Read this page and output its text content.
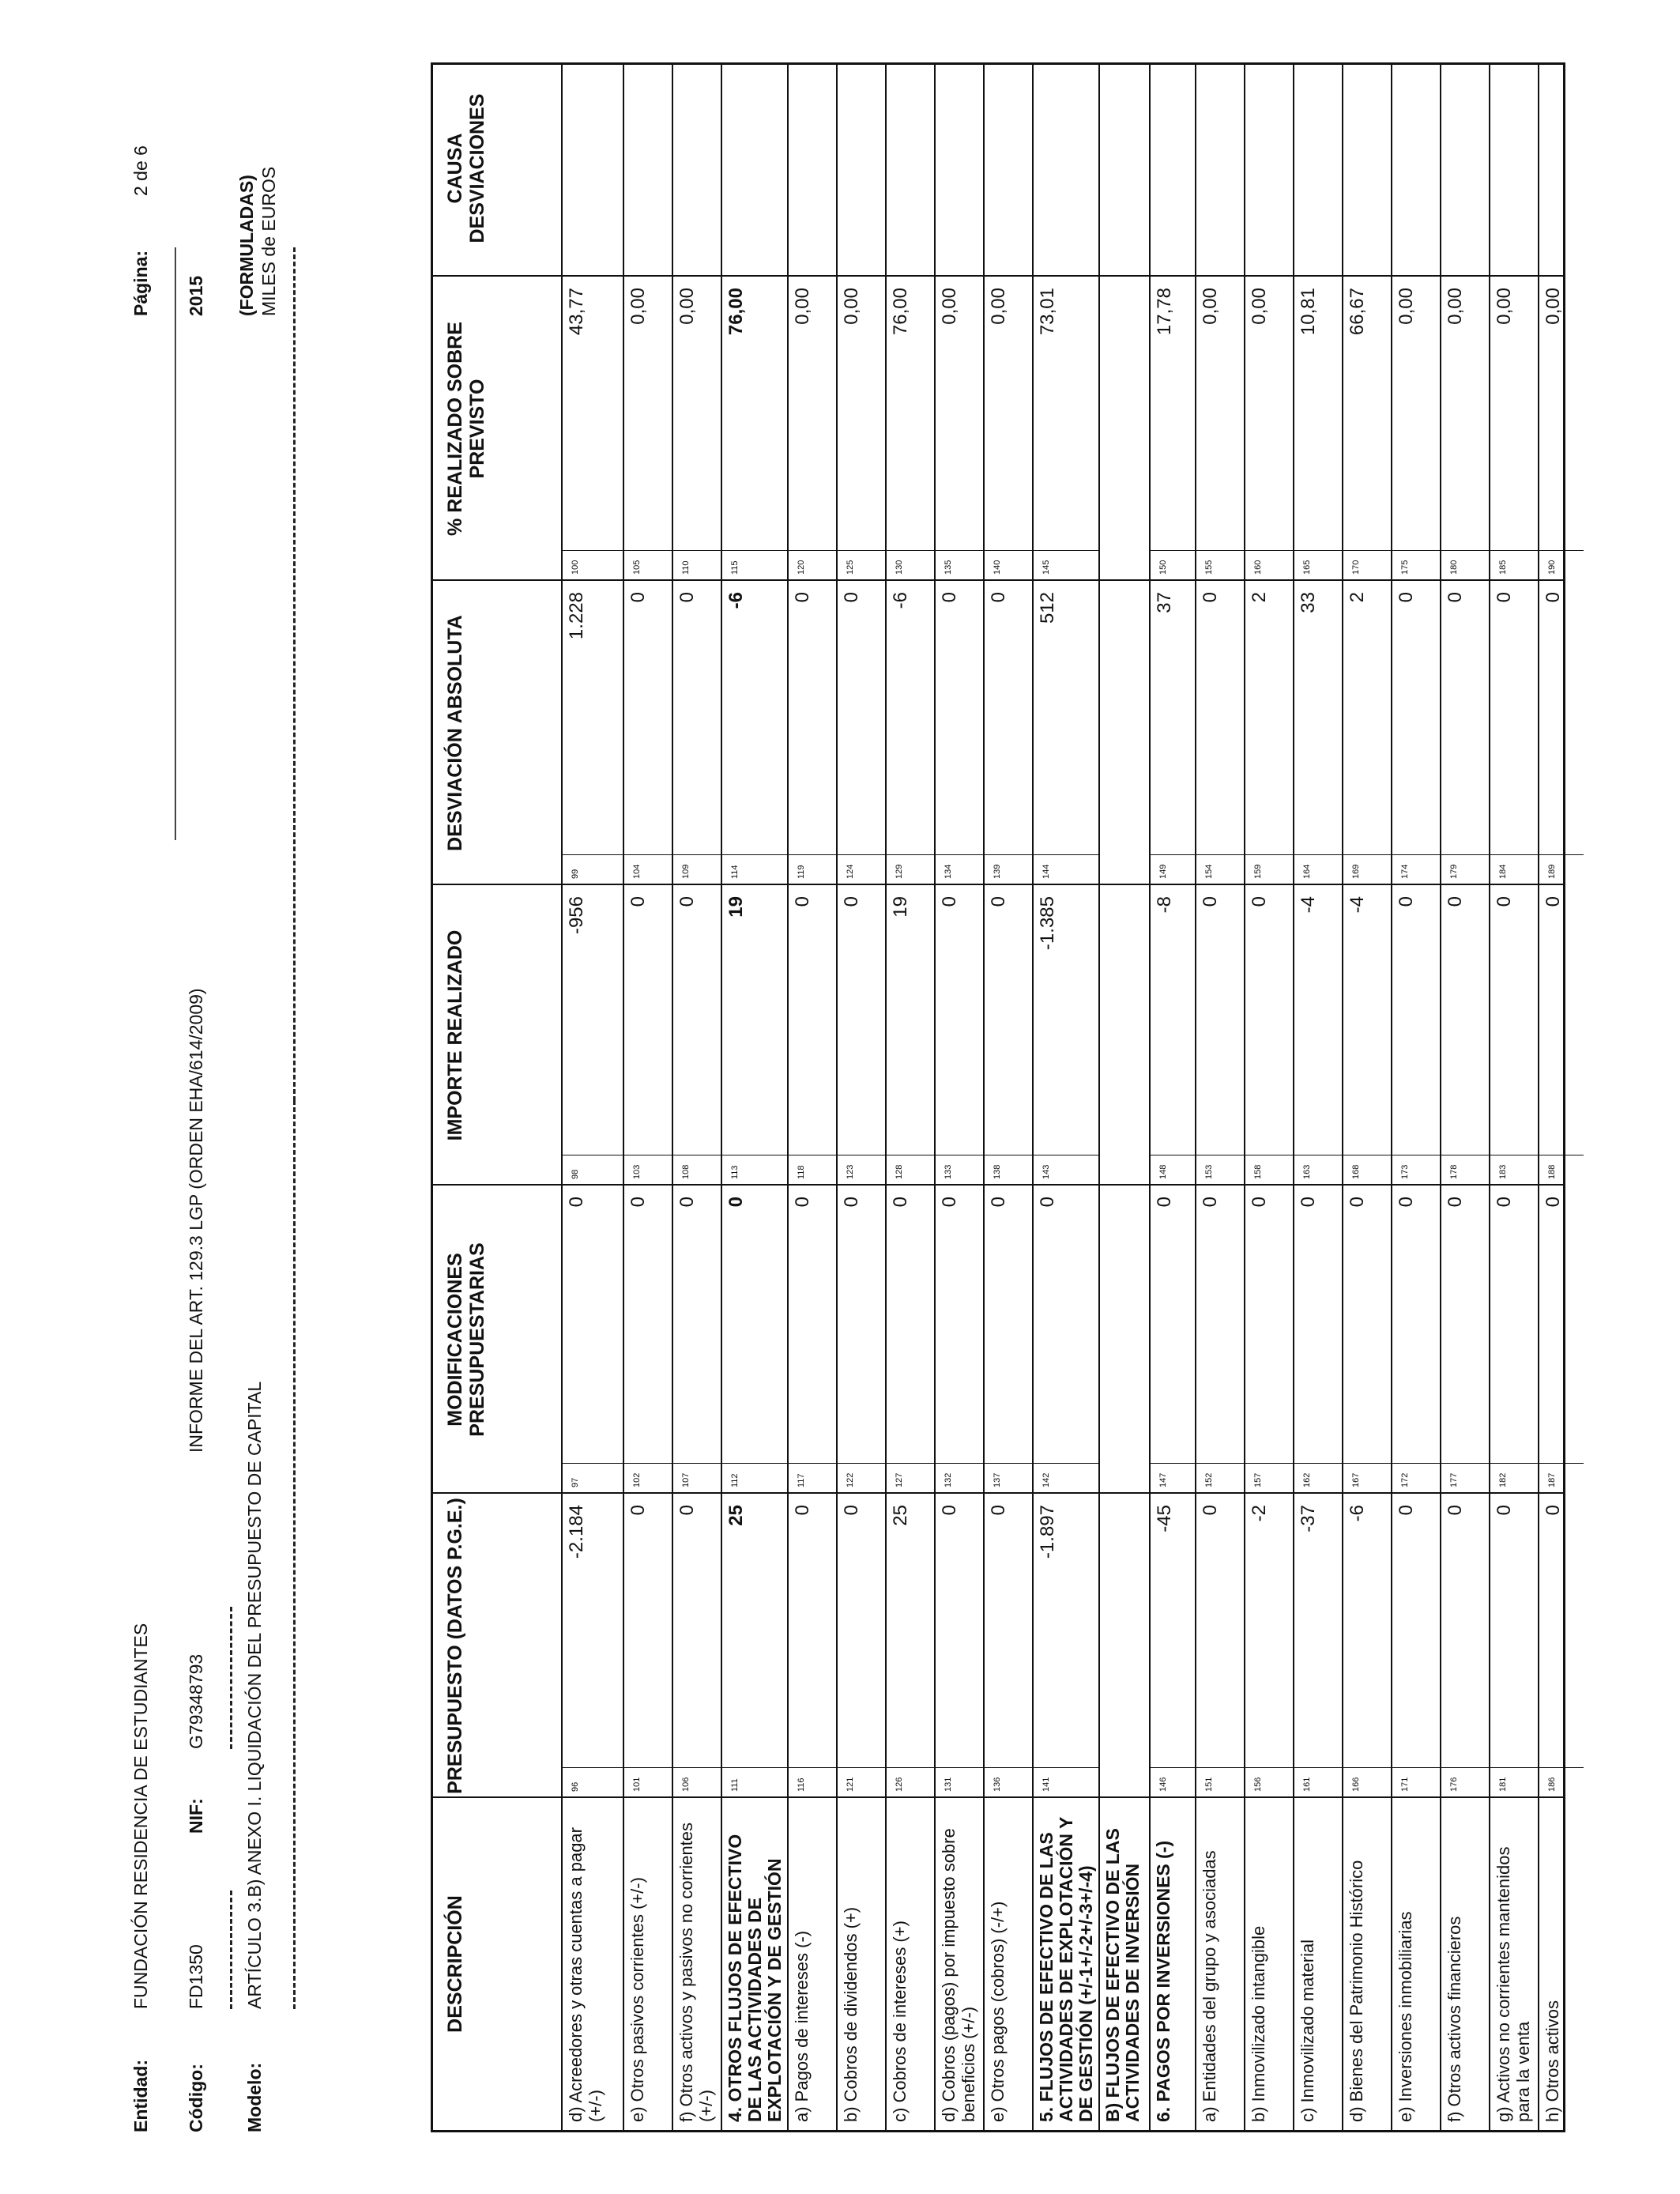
Entidad:
FUNDACIÓN RESIDENCIA DE ESTUDIANTES
Página:
2 de 6
Código:
FD1350
NIF:
G79348793
INFORME DEL ART. 129.3 LGP (ORDEN EHA/614/2009)
2015
Modelo:
ARTÍCULO 3.B) ANEXO I. LIQUIDACIÓN DEL PRESUPUESTO DE CAPITAL
(FORMULADAS) MILES de EUROS
DESCRIPCIÓN
PRESUPUESTO (DATOS P.G.E.)
MODIFICACIONES PRESUPUESTARIAS
IMPORTE REALIZADO
DESVIACIÓN ABSOLUTA
% REALIZADO SOBRE PREVISTO
CAUSA DESVIACIONES
d) Acreedores y otras cuentas a pagar (+/-)
96
-2.184
97
0
98
-956
99
1.228
100
43,77
e) Otros pasivos corrientes (+/-)
101
0
102
0
103
0
104
0
105
0,00
f) Otros activos y pasivos no corrientes (+/-)
106
0
107
0
108
0
109
0
110
0,00
4. OTROS FLUJOS DE EFECTIVO DE LAS ACTIVIDADES DE EXPLOTACIÓN Y DE GESTIÓN
111
25
112
0
113
19
114
-6
115
76,00
a) Pagos de intereses (-)
116
0
117
0
118
0
119
0
120
0,00
b) Cobros de dividendos (+)
121
0
122
0
123
0
124
0
125
0,00
c) Cobros de intereses (+)
126
25
127
0
128
19
129
-6
130
76,00
d) Cobros (pagos) por impuesto sobre beneficios (+/-)
131
0
132
0
133
0
134
0
135
0,00
e) Otros pagos (cobros) (-/+)
136
0
137
0
138
0
139
0
140
0,00
5. FLUJOS DE EFECTIVO DE LAS ACTIVIDADES DE EXPLOTACIÓN Y DE GESTIÓN (+/-1+/-2+/-3+/-4)
141
-1.897
142
0
143
-1.385
144
512
145
73,01
B) FLUJOS DE EFECTIVO DE LAS ACTIVIDADES DE INVERSIÓN 6. PAGOS POR INVERSIONES (-)
146
-45
147
0
148
-8
149
37
150
17,78
a) Entidades del grupo y asociadas
151
0
152
0
153
0
154
0
155
0,00
b) Inmovilizado intangible
156
-2
157
0
158
0
159
2
160
0,00
c) Inmovilizado material
161
-37
162
0
163
-4
164
33
165
10,81
d) Bienes del Patrimonio Histórico
166
-6
167
0
168
-4
169
2
170
66,67
e) Inversiones inmobiliarias
171
0
172
0
173
0
174
0
175
0,00
f) Otros activos financieros
176
0
177
0
178
0
179
0
180
0,00
g) Activos no corrientes mantenidos para la venta
181
0
182
0
183
0
184
0
185
0,00
h) Otros activos
186
0
187
0
188
0
189
0
190
0,00
